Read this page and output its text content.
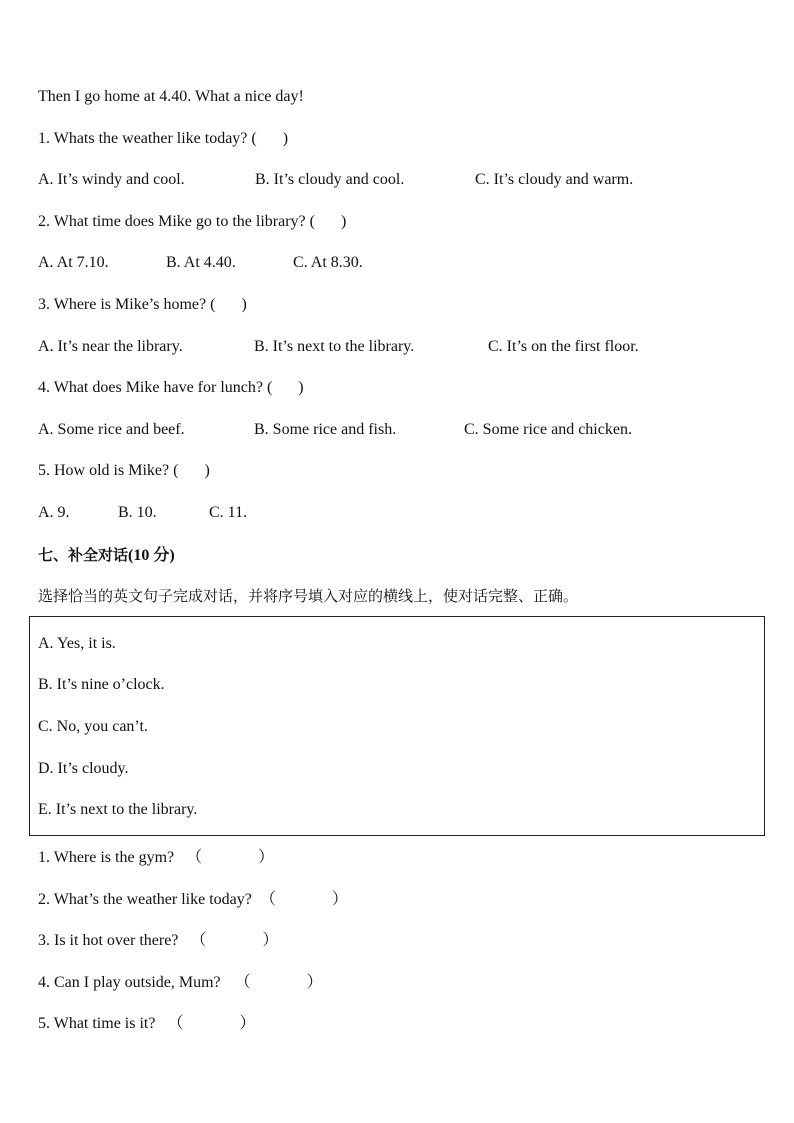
Then I go home at 4.40. What a nice day!
1. Whats the weather like today? ( )
A. It’s windy and cool.	B. It’s cloudy and cool.	C. It’s cloudy and warm.
2. What time does Mike go to the library? ( )
A. At 7.10.	B. At 4.40.	C. At 8.30.
3. Where is Mike’s home? ( )
A. It’s near the library.	B. It’s next to the library.	C. It’s on the first floor.
4. What does Mike have for lunch? ( )
A. Some rice and beef.	B. Some rice and fish.	C. Some rice and chicken.
5. How old is Mike? ( )
A. 9.	B. 10.	C. 11.
七、补全对话(10 分)
选择恰当的英文句子完成对话，并将序号填入对应的横线上，使对话完整、正确。
A. Yes, it is.
B. It’s nine o’clock.
C. No, you can’t.
D. It’s cloudy.
E. It’s next to the library.
1. Where is the gym? （	）
2. What’s the weather like today? （	）
3. Is it hot over there? （	）
4. Can I play outside, Mum? （	）
5. What time is it? （	）
